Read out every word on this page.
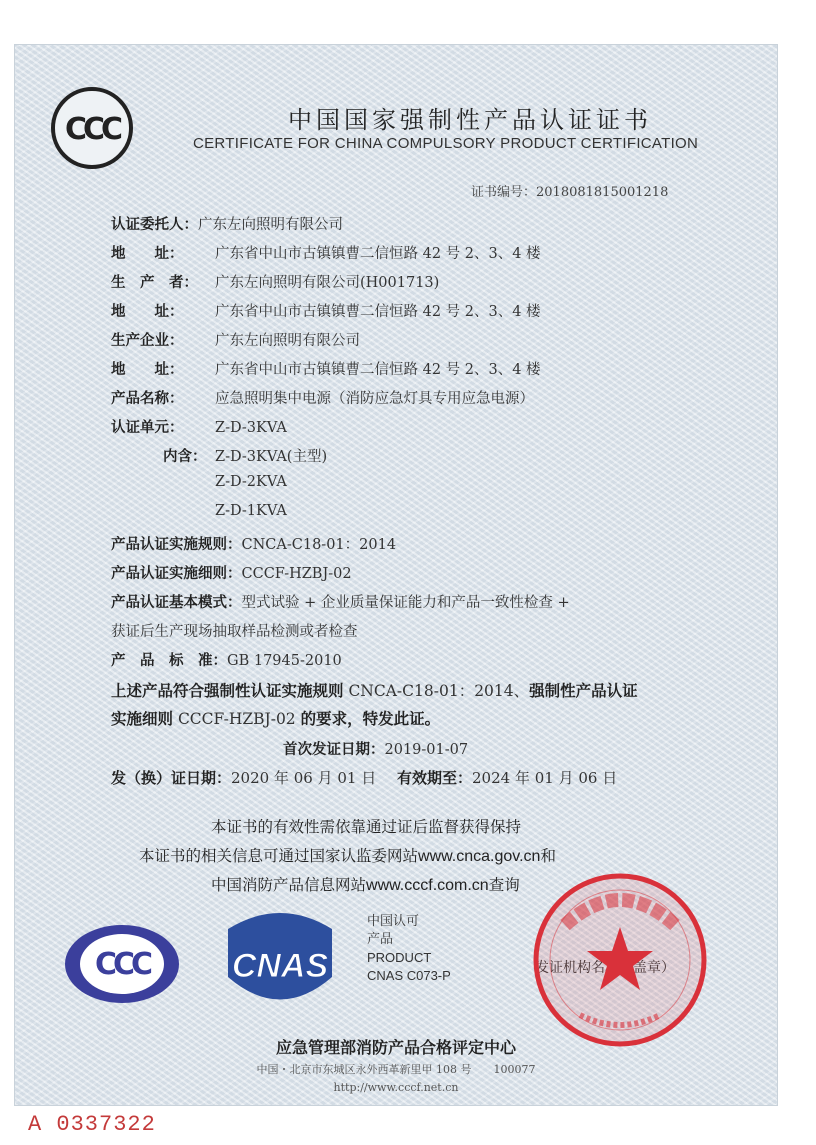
CCC	中国国家强制性产品认证证书
CERTIFICATE FOR CHINA COMPULSORY PRODUCT CERTIFICATION
证书编号：2018081815001218
认证委托人：广东左向照明有限公司
地　　址： 广东省中山市古镇镇曹二信恒路 42 号 2、3、4 楼
生　产　者： 广东左向照明有限公司(H001713)
地　　址： 广东省中山市古镇镇曹二信恒路 42 号 2、3、4 楼
生产企业： 广东左向照明有限公司
地　　址： 广东省中山市古镇镇曹二信恒路 42 号 2、3、4 楼
产品名称： 应急照明集中电源（消防应急灯具专用应急电源）
认证单元： Z-D-3KVA
内含： Z-D-3KVA(主型)
Z-D-2KVA
Z-D-1KVA
产品认证实施规则：CNCA-C18-01：2014
产品认证实施细则：CCCF-HZBJ-02
产品认证基本模式：型式试验 + 企业质量保证能力和产品一致性检查 +
获证后生产现场抽取样品检测或者检查
产　品　标　准：GB 17945-2010
上述产品符合强制性认证实施规则 CNCA-C18-01：2014、强制性产品认证
实施细则 CCCF-HZBJ-02 的要求，特发此证。
首次发证日期：2019-01-07
发（换）证日期：2020 年 06 月 01 日 有效期至：2024 年 01 月 06 日
本证书的有效性需依靠通过证后监督获得保持
本证书的相关信息可通过国家认监委网站www.cnca.gov.cn和
中国消防产品信息网站www.cccf.com.cn查询
CCC CNAS
中国认可
产品
PRODUCT
CNAS C073-P
应急管理部消防产品合格评定中心
中国・北京市东城区永外西革新里甲 108 号　　100077
http://www.cccf.net.cn
A 0337322
